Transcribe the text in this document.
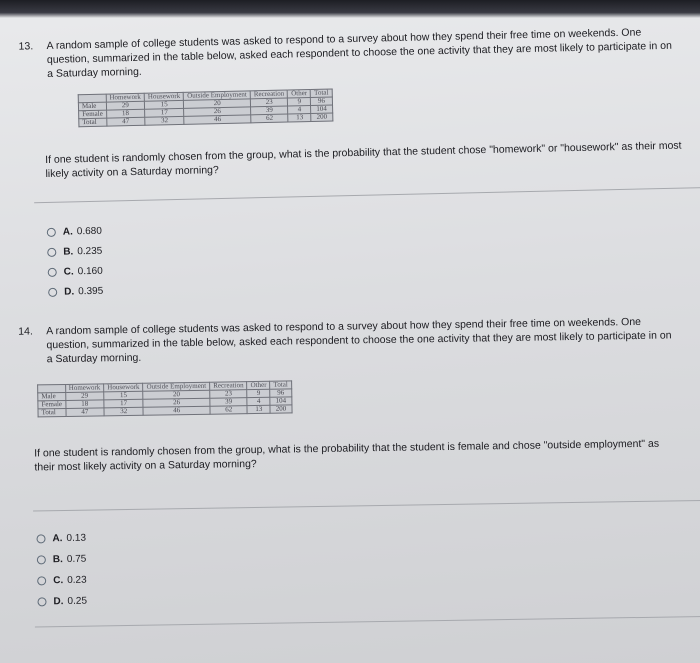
13. A random sample of college students was asked to respond to a survey about how they spend their free time on weekends. One question, summarized in the table below, asked each respondent to choose the one activity that they are most likely to participate in on a Saturday morning.
	Homework	Housework	Outside Employment	Recreation	Other	Total
Male	29	15	20	23	9	96
Female	18	17	26	39	4	104
Total	47	32	46	62	13	200
If one student is randomly chosen from the group, what is the probability that the student chose "homework" or "housework" as their most likely activity on a Saturday morning?
A. 0.680
B. 0.235
C. 0.160
D. 0.395
14. A random sample of college students was asked to respond to a survey about how they spend their free time on weekends. One question, summarized in the table below, asked each respondent to choose the one activity that they are most likely to participate in on a Saturday morning.
	Homework	Housework	Outside Employment	Recreation	Other	Total
Male	29	15	20	23	9	96
Female	18	17	26	39	4	104
Total	47	32	46	62	13	200
If one student is randomly chosen from the group, what is the probability that the student is female and chose "outside employment" as their most likely activity on a Saturday morning?
A. 0.13
B. 0.75
C. 0.23
D. 0.25
